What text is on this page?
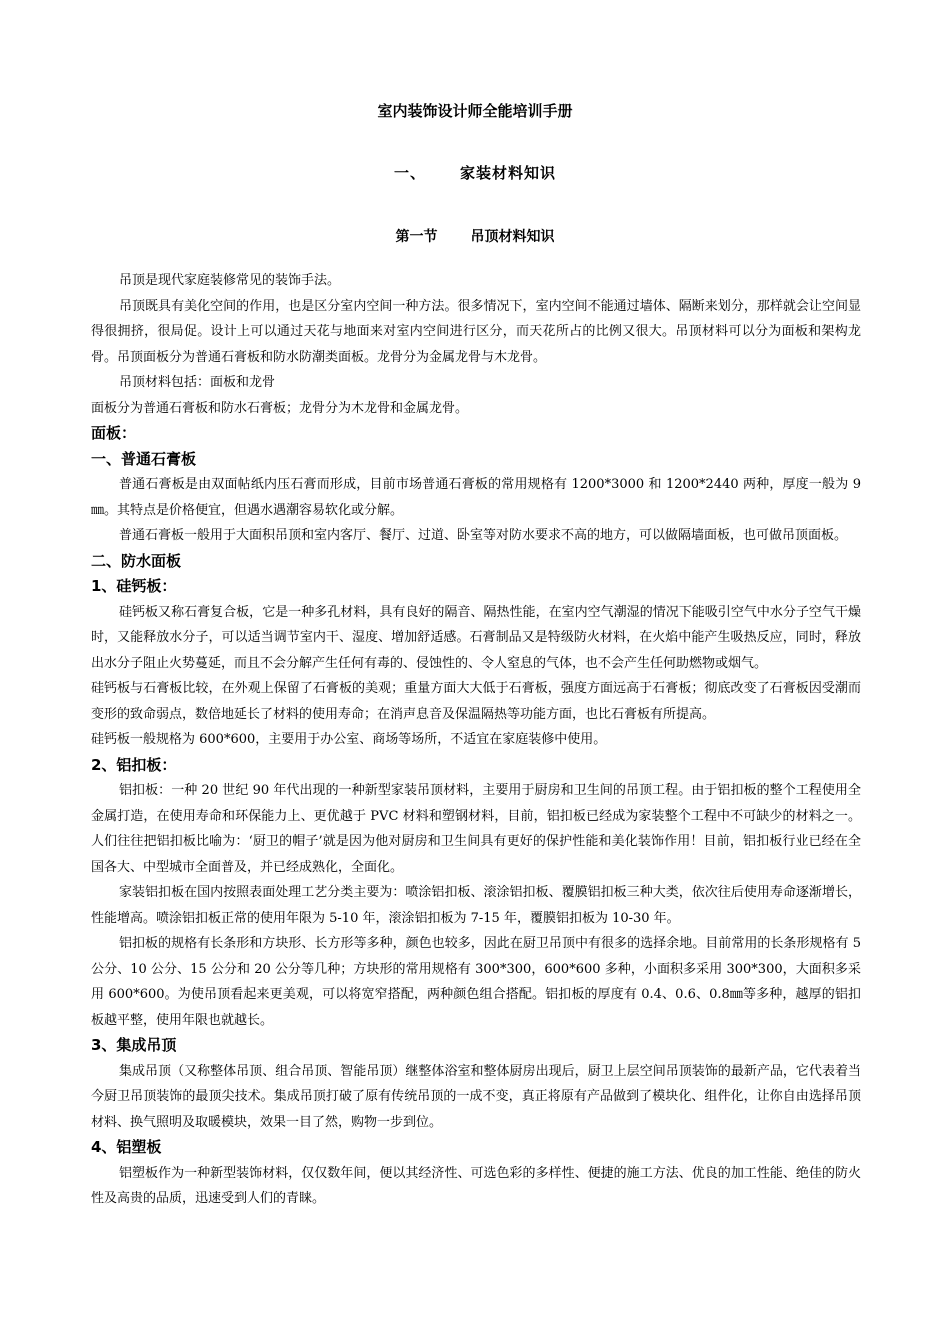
室内装饰设计师全能培训手册
一、 家装材料知识
第一节 吊顶材料知识

吊顶是现代家庭装修常见的装饰手法。

吊顶既具有美化空间的作用，也是区分室内空间一种方法。很多情况下，室内空间不能通过墙体、隔断来划分，那样就会让空间显得很拥挤，很局促。设计上可以通过天花与地面来对室内空间进行区分，而天花所占的比例又很大。吊顶材料可以分为面板和架构龙骨。吊顶面板分为普通石膏板和防水防潮类面板。龙骨分为金属龙骨与木龙骨。

吊顶材料包括：面板和龙骨

面板分为普通石膏板和防水石膏板；龙骨分为木龙骨和金属龙骨。

面板：

一、普通石膏板

普通石膏板是由双面帖纸内压石膏而形成，目前市场普通石膏板的常用规格有 1200*3000 和 1200*2440 两种，厚度一般为 9㎜。其特点是价格便宜，但遇水遇潮容易软化或分解。

普通石膏板一般用于大面积吊顶和室内客厅、餐厅、过道、卧室等对防水要求不高的地方，可以做隔墙面板，也可做吊顶面板。

二、防水面板

1、硅钙板：

硅钙板又称石膏复合板，它是一种多孔材料，具有良好的隔音、隔热性能，在室内空气潮湿的情况下能吸引空气中水分子空气干燥时，又能释放水分子，可以适当调节室内干、湿度、增加舒适感。石膏制品又是特级防火材料，在火焰中能产生吸热反应，同时，释放出水分子阻止火势蔓延，而且不会分解产生任何有毒的、侵蚀性的、令人窒息的气体，也不会产生任何助燃物或烟气。

硅钙板与石膏板比较，在外观上保留了石膏板的美观；重量方面大大低于石膏板，强度方面远高于石膏板；彻底改变了石膏板因受潮而变形的致命弱点，数倍地延长了材料的使用寿命；在消声息音及保温隔热等功能方面，也比石膏板有所提高。

硅钙板一般规格为 600*600，主要用于办公室、商场等场所，不适宜在家庭装修中使用。

2、铝扣板：

铝扣板：一种 20 世纪 90 年代出现的一种新型家装吊顶材料，主要用于厨房和卫生间的吊顶工程。由于铝扣板的整个工程使用全金属打造，在使用寿命和环保能力上、更优越于 PVC 材料和塑钢材料，目前，铝扣板已经成为家装整个工程中不可缺少的材料之一。人们往往把铝扣板比喻为：‘厨卫的帽子’就是因为他对厨房和卫生间具有更好的保护性能和美化装饰作用！目前，铝扣板行业已经在全国各大、中型城市全面普及，并已经成熟化，全面化。

家装铝扣板在国内按照表面处理工艺分类主要为：喷涂铝扣板、滚涂铝扣板、覆膜铝扣板三种大类，依次往后使用寿命逐渐增长，性能增高。喷涂铝扣板正常的使用年限为 5-10 年，滚涂铝扣板为 7-15 年，覆膜铝扣板为 10-30 年。

铝扣板的规格有长条形和方块形、长方形等多种，颜色也较多，因此在厨卫吊顶中有很多的选择余地。目前常用的长条形规格有 5 公分、10 公分、15 公分和 20 公分等几种；方块形的常用规格有 300*300，600*600 多种，小面积多采用 300*300，大面积多采用 600*600。为使吊顶看起来更美观，可以将宽窄搭配，两种颜色组合搭配。铝扣板的厚度有 0.4、0.6、0.8㎜等多种，越厚的铝扣板越平整，使用年限也就越长。

3、集成吊顶

集成吊顶（又称整体吊顶、组合吊顶、智能吊顶）继整体浴室和整体厨房出现后，厨卫上层空间吊顶装饰的最新产品，它代表着当今厨卫吊顶装饰的最顶尖技术。集成吊顶打破了原有传统吊顶的一成不变，真正将原有产品做到了模块化、组件化，让你自由选择吊顶材料、换气照明及取暖模块，效果一目了然，购物一步到位。

4、铝塑板

铝塑板作为一种新型装饰材料，仅仅数年间，便以其经济性、可选色彩的多样性、便捷的施工方法、优良的加工性能、绝佳的防火性及高贵的品质，迅速受到人们的青睐。
